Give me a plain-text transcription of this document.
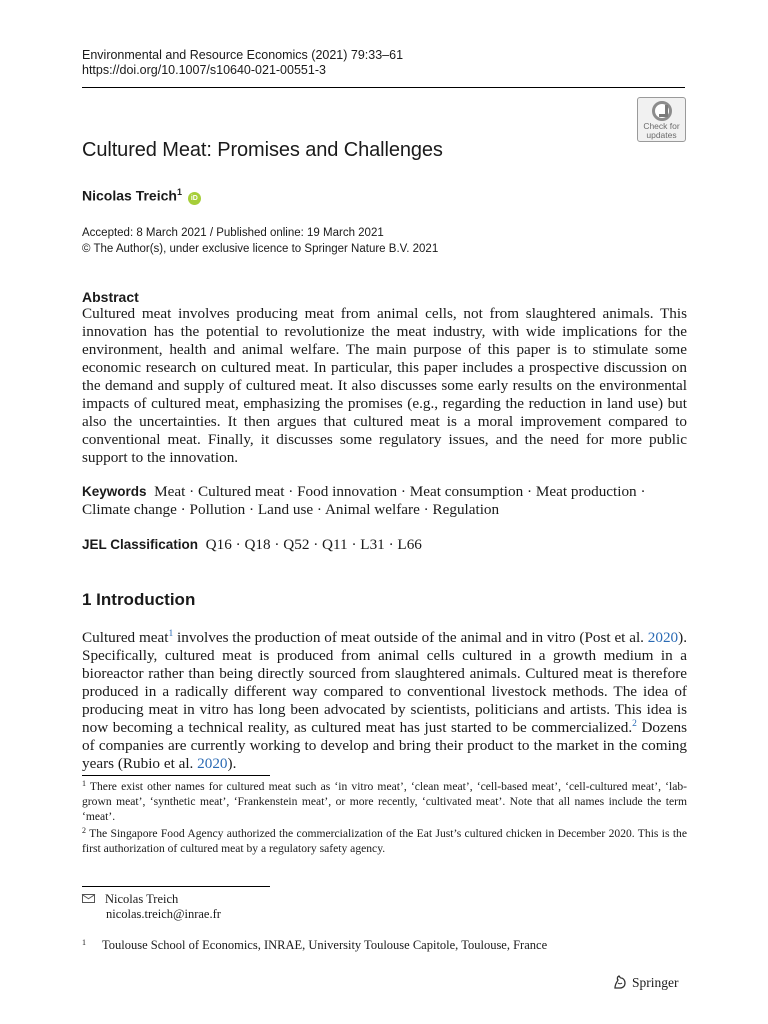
Environmental and Resource Economics (2021) 79:33–61
https://doi.org/10.1007/s10640-021-00551-3
Check for
updates
Cultured Meat: Promises and Challenges
Nicolas Treich$^1$ iD
Accepted: 8 March 2021 / Published online: 19 March 2021
© The Author(s), under exclusive licence to Springer Nature B.V. 2021
Abstract
Cultured meat involves producing meat from animal cells, not from slaughtered animals. This innovation has the potential to revolutionize the meat industry, with wide implications for the environment, health and animal welfare. The main purpose of this paper is to stimulate some economic research on cultured meat. In particular, this paper includes a prospective discussion on the demand and supply of cultured meat. It also discusses some early results on the environmental impacts of cultured meat, emphasizing the promises (e.g., regarding the reduction in land use) but also the uncertainties. It then argues that cultured meat is a moral improvement compared to conventional meat. Finally, it discusses some regulatory issues, and the need for more public support to the innovation.
Keywords Meat · Cultured meat · Food innovation · Meat consumption · Meat production · Climate change · Pollution · Land use · Animal welfare · Regulation
JEL Classification Q16 · Q18 · Q52 · Q11 · L31 · L66
1 Introduction
Cultured meat$^1$ involves the production of meat outside of the animal and in vitro (Post et al. 2020). Specifically, cultured meat is produced from animal cells cultured in a growth medium in a bioreactor rather than being directly sourced from slaughtered animals. Cultured meat is therefore produced in a radically different way compared to conventional livestock methods. The idea of producing meat in vitro has long been advocated by scientists, politicians and artists. This idea is now becoming a technical reality, as cultured meat has just started to be commercialized.$^2$ Dozens of companies are currently working to develop and bring their product to the market in the coming years (Rubio et al. 2020).

$^1$ There exist other names for cultured meat such as ‘in vitro meat’, ‘clean meat’, ‘cell-based meat’, ‘cell-cultured meat’, ‘lab-grown meat’, ‘synthetic meat’, ‘Frankenstein meat’, or more recently, ‘cultivated meat’. Note that all names include the term ‘meat’.

$^2$ The Singapore Food Agency authorized the commercialization of the Eat Just’s cultured chicken in December 2020. This is the first authorization of cultured meat by a regulatory safety agency.

Nicolas Treich
nicolas.treich@inrae.fr
$^1$ Toulouse School of Economics, INRAE, University Toulouse Capitole, Toulouse, France
Springer
